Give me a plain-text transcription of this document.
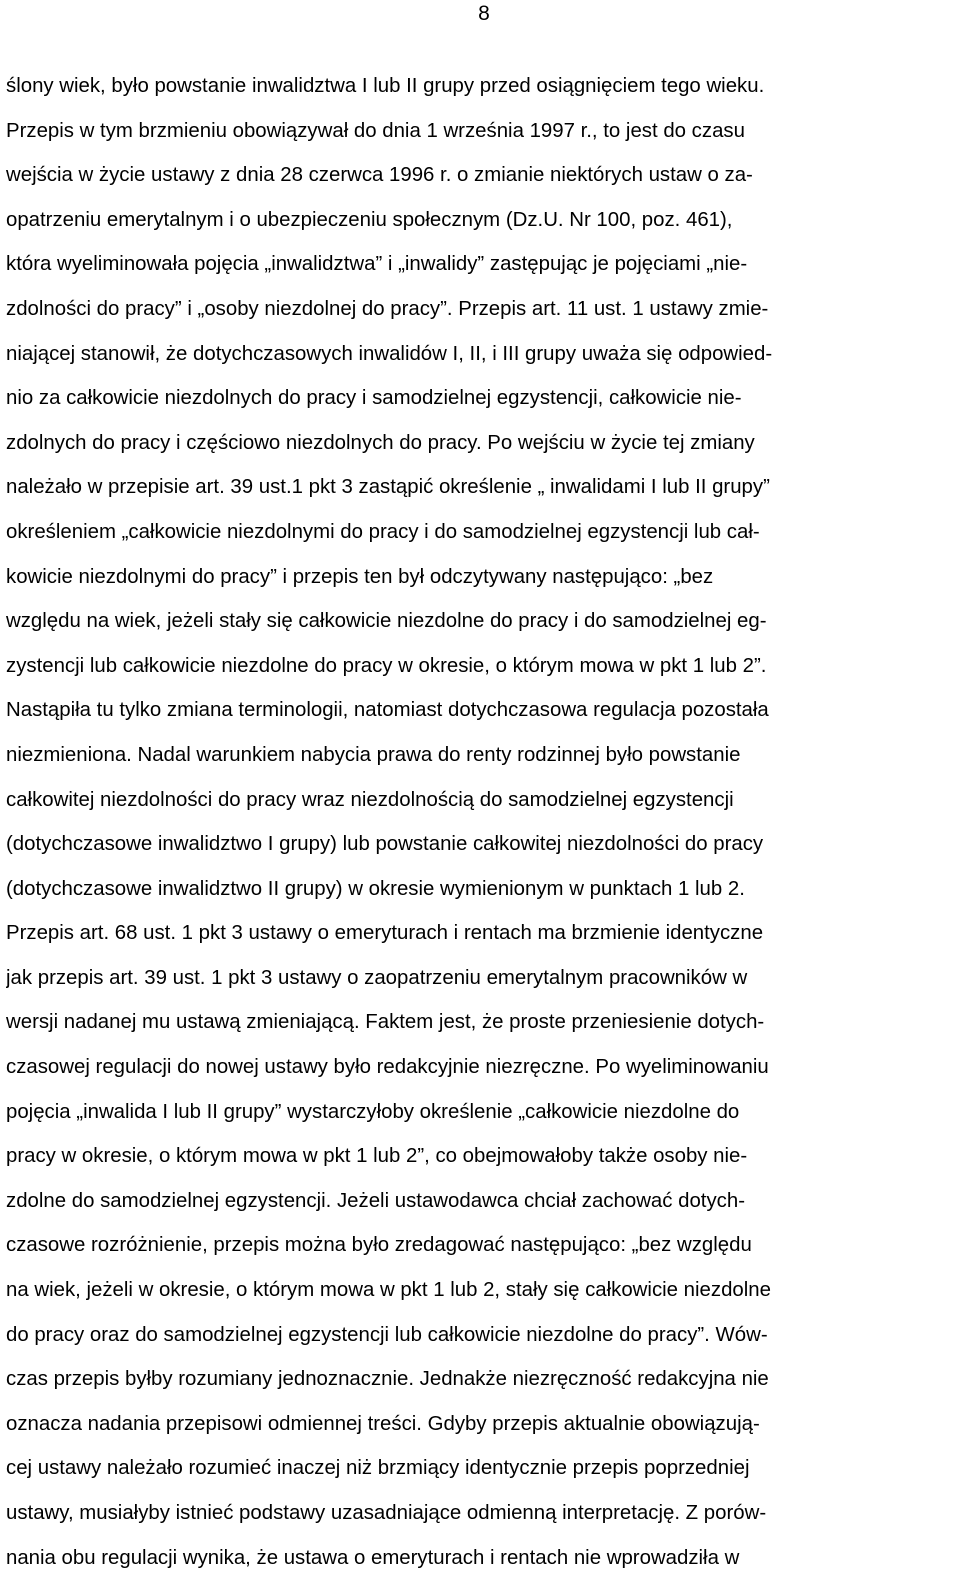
8
ślony wiek, było powstanie inwalidztwa I lub II grupy przed osiągnięciem tego wieku.
Przepis w tym brzmieniu obowiązywał do dnia 1 września 1997 r., to jest do czasu
wejścia w życie ustawy z dnia 28 czerwca 1996 r. o zmianie niektórych ustaw o za-
opatrzeniu emerytalnym i o ubezpieczeniu społecznym (Dz.U. Nr 100, poz. 461),
która wyeliminowała pojęcia „inwalidztwa” i „inwalidy” zastępując je pojęciami „nie-
zdolności do pracy” i „osoby niezdolnej do pracy”. Przepis art. 11 ust. 1 ustawy zmie-
niającej stanowił, że dotychczasowych inwalidów I, II, i III grupy uważa się odpowied-
nio za całkowicie niezdolnych do pracy i samodzielnej egzystencji, całkowicie nie-
zdolnych do pracy i częściowo niezdolnych do pracy. Po wejściu w życie tej zmiany
należało w przepisie art. 39 ust.1 pkt 3 zastąpić określenie „ inwalidami I lub II grupy”
określeniem „całkowicie niezdolnymi do pracy i do samodzielnej egzystencji lub cał-
kowicie niezdolnymi do pracy” i przepis ten był odczytywany następująco: „bez
względu na wiek, jeżeli stały się całkowicie niezdolne do pracy i do samodzielnej eg-
zystencji lub całkowicie niezdolne do pracy w okresie, o którym mowa w pkt 1 lub 2”.
Nastąpiła tu tylko zmiana terminologii, natomiast dotychczasowa regulacja pozostała
niezmieniona. Nadal warunkiem nabycia prawa do renty rodzinnej było powstanie
całkowitej niezdolności do pracy wraz niezdolnością do samodzielnej egzystencji
(dotychczasowe inwalidztwo I grupy) lub powstanie całkowitej niezdolności do pracy
(dotychczasowe inwalidztwo II grupy) w okresie wymienionym w punktach 1 lub 2.
Przepis art. 68 ust. 1 pkt 3 ustawy o emeryturach i rentach ma brzmienie identyczne
jak przepis art. 39 ust. 1 pkt 3 ustawy o zaopatrzeniu emerytalnym pracowników w
wersji nadanej mu ustawą zmieniającą. Faktem jest, że proste przeniesienie dotych-
czasowej regulacji do nowej ustawy było redakcyjnie niezręczne. Po wyeliminowaniu
pojęcia „inwalida I lub II grupy” wystarczyłoby określenie „całkowicie niezdolne do
pracy w okresie, o którym mowa w pkt 1 lub 2”, co obejmowałoby także osoby nie-
zdolne do samodzielnej egzystencji. Jeżeli ustawodawca chciał zachować dotych-
czasowe rozróżnienie, przepis można było zredagować następująco: „bez względu
na wiek, jeżeli w okresie, o którym mowa w pkt 1 lub 2, stały się całkowicie niezdolne
do pracy oraz do samodzielnej egzystencji lub całkowicie niezdolne do pracy”. Wów-
czas przepis byłby rozumiany jednoznacznie. Jednakże niezręczność redakcyjna nie
oznacza nadania przepisowi odmiennej treści. Gdyby przepis aktualnie obowiązują-
cej ustawy należało rozumieć inaczej niż brzmiący identycznie przepis poprzedniej
ustawy, musiałyby istnieć podstawy uzasadniające odmienną interpretację. Z porów-
nania obu regulacji wynika, że ustawa o emeryturach i rentach nie wprowadziła w
